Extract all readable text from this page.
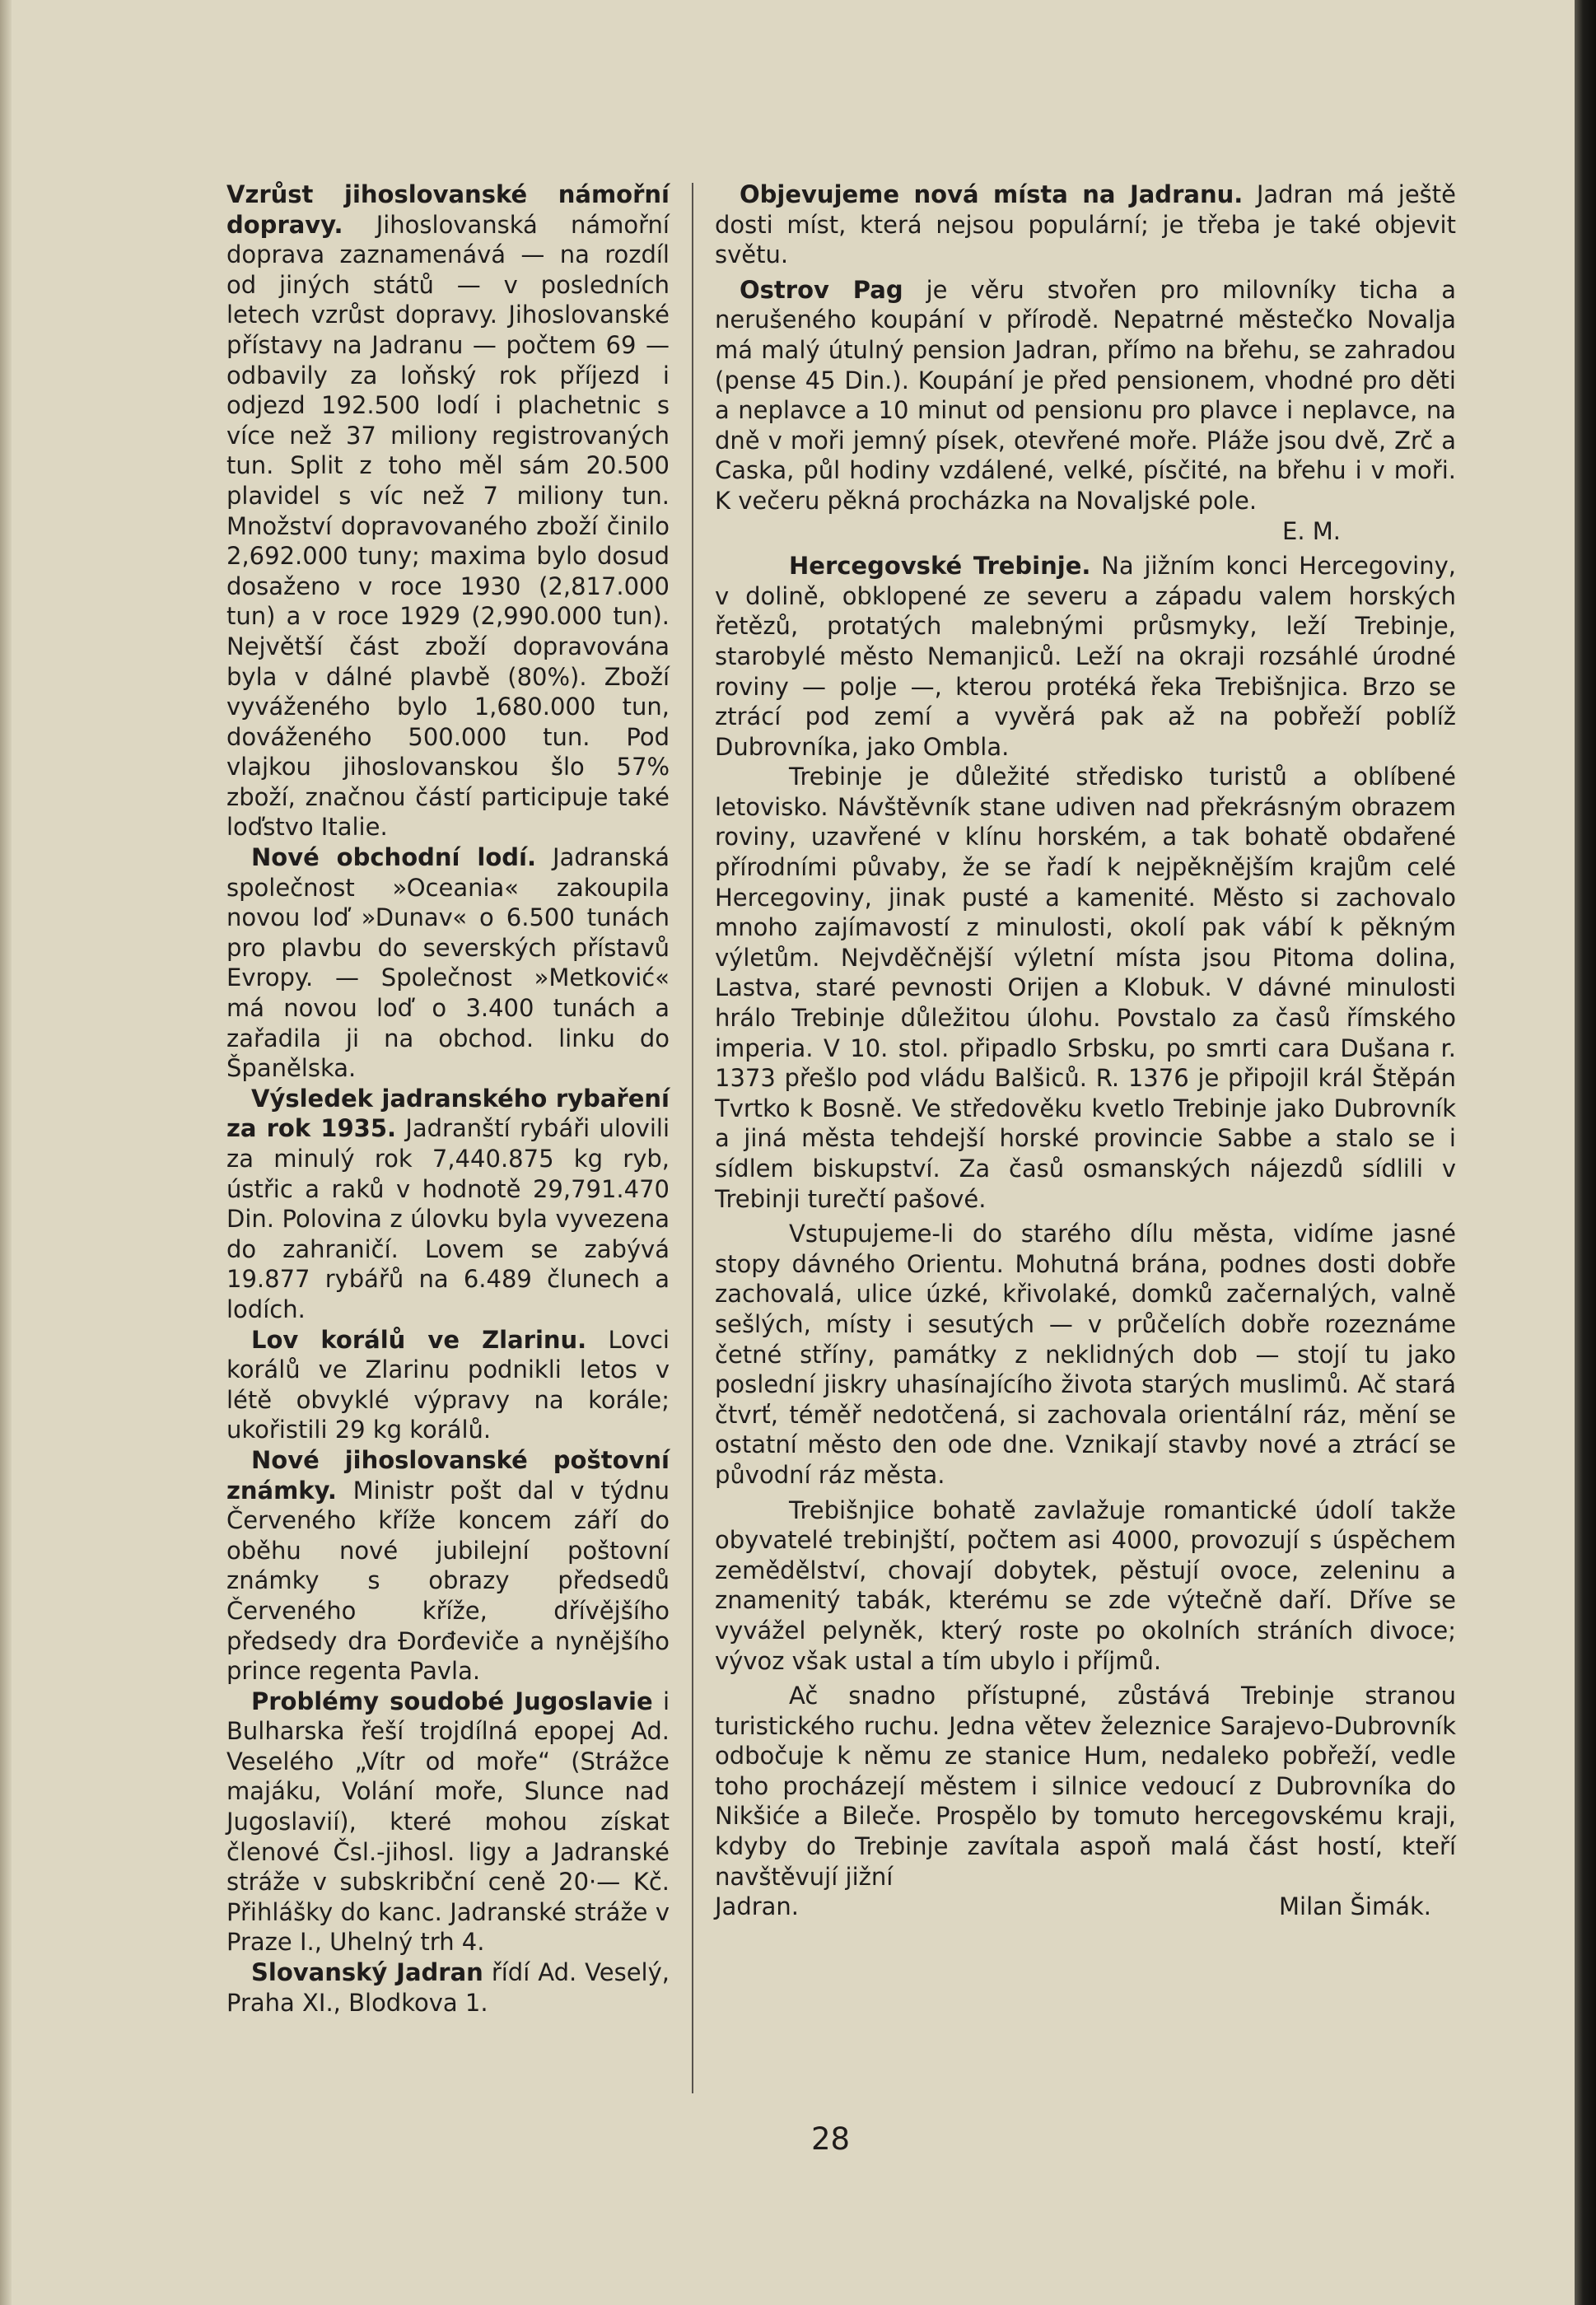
Vzrůst jihoslovanské námořní dopravy. Jihoslovanská námořní doprava zaznamenává — na rozdíl od jiných států — v posledních letech vzrůst dopravy. Jihoslovanské přístavy na Jadranu — počtem 69 — odbavily za loňský rok příjezd i odjezd 192.500 lodí i plachetnic s více než 37 miliony registrovaných tun. Split z toho měl sám 20.500 plavidel s víc než 7 miliony tun. Množství dopravovaného zboží činilo 2,692.000 tuny; maxima bylo dosud dosaženo v roce 1930 (2,817.000 tun) a v roce 1929 (2,990.000 tun). Největší část zboží dopravována byla v dálné plavbě (80%). Zboží vyváženého bylo 1,680.000 tun, dováženého 500.000 tun. Pod vlajkou jihoslovanskou šlo 57% zboží, značnou částí participuje také loďstvo Italie.

Nové obchodní lodí. Jadranská společnost »Oceania« zakoupila novou loď »Dunav« o 6.500 tunách pro plavbu do severských přístavů Evropy. — Společnost »Metković« má novou loď o 3.400 tunách a zařadila ji na obchod. linku do Španělska.

Výsledek jadranského rybaření za rok 1935. Jadranští rybáři ulovili za minulý rok 7,440.875 kg ryb, ústřic a raků v hodnotě 29,791.470 Din. Polovina z úlovku byla vyvezena do zahraničí. Lovem se zabývá 19.877 rybářů na 6.489 člunech a lodích.

Lov korálů ve Zlarinu. Lovci korálů ve Zlarinu podnikli letos v létě obvyklé výpravy na korále; ukořistili 29 kg korálů.

Nové jihoslovanské poštovní známky. Ministr pošt dal v týdnu Červeného kříže koncem září do oběhu nové jubilejní poštovní známky s obrazy předsedů Červeného kříže, dřívějšího předsedy dra Đorđeviče a nynějšího prince regenta Pavla.

Problémy soudobé Jugoslavie i Bulharska řeší trojdílná epopej Ad. Veselého „Vítr od moře“ (Strážce majáku, Volání moře, Slunce nad Jugoslavií), které mohou získat členové Čsl.-jihosl. ligy a Jadranské stráže v subskribční ceně 20·— Kč. Přihlášky do kanc. Jadranské stráže v Praze I., Uhelný trh 4.

Slovanský Jadran řídí Ad. Veselý, Praha XI., Blodkova 1.

Objevujeme nová místa na Jadranu. Jadran má ještě dosti míst, která nejsou populární; je třeba je také objevit světu.

Ostrov Pag je věru stvořen pro milovníky ticha a nerušeného koupání v přírodě. Nepatrné městečko Novalja má malý útulný pension Jadran, přímo na břehu, se zahradou (pense 45 Din.). Koupání je před pensionem, vhodné pro děti a neplavce a 10 minut od pensionu pro plavce i neplavce, na dně v moři jemný písek, otevřené moře. Pláže jsou dvě, Zrč a Caska, půl hodiny vzdálené, velké, písčité, na břehu i v moři. K večeru pěkná procházka na Novaljské pole.

E. M.

Hercegovské Trebinje. Na jižním konci Hercegoviny, v dolině, obklopené ze severu a západu valem horských řetězů, protatých malebnými průsmyky, leží Trebinje, starobylé město Nemanjiců. Leží na okraji rozsáhlé úrodné roviny — polje —, kterou protéká řeka Trebišnjica. Brzo se ztrácí pod zemí a vyvěrá pak až na pobřeží poblíž Dubrovníka, jako Ombla.

Trebinje je důležité středisko turistů a oblíbené letovisko. Návštěvník stane udiven nad překrásným obrazem roviny, uzavřené v klínu horském, a tak bohatě obdařené přírodními půvaby, že se řadí k nejpěknějším krajům celé Hercegoviny, jinak pusté a kamenité. Město si zachovalo mnoho zajímavostí z minulosti, okolí pak vábí k pěkným výletům. Nejvděčnější výletní místa jsou Pitoma dolina, Lastva, staré pevnosti Orijen a Klobuk. V dávné minulosti hrálo Trebinje důležitou úlohu. Povstalo za časů římského imperia. V 10. stol. připadlo Srbsku, po smrti cara Dušana r. 1373 přešlo pod vládu Balšiců. R. 1376 je připojil král Štěpán Tvrtko k Bosně. Ve středověku kvetlo Trebinje jako Dubrovník a jiná města tehdejší horské provincie Sabbe a stalo se i sídlem biskupství. Za časů osmanských nájezdů sídlili v Trebinji turečtí pašové.

Vstupujeme-li do starého dílu města, vidíme jasné stopy dávného Orientu. Mohutná brána, podnes dosti dobře zachovalá, ulice úzké, křivolaké, domků začernalých, valně sešlých, místy i sesutých — v průčelích dobře rozeznáme četné stříny, památky z neklidných dob — stojí tu jako poslední jiskry uhasínajícího života starých muslimů. Ač stará čtvrť, téměř nedotčená, si zachovala orientální ráz, mění se ostatní město den ode dne. Vznikají stavby nové a ztrácí se původní ráz města.

Trebišnjice bohatě zavlažuje romantické údolí takže obyvatelé trebinjští, počtem asi 4000, provozují s úspěchem zemědělství, chovají dobytek, pěstují ovoce, zeleninu a znamenitý tabák, kterému se zde výtečně daří. Dříve se vyvážel pelyněk, který roste po okolních stráních divoce; vývoz však ustal a tím ubylo i příjmů.

Ač snadno přístupné, zůstává Trebinje stranou turistického ruchu. Jedna větev železnice Sarajevo-Dubrovník odbočuje k němu ze stanice Hum, nedaleko pobřeží, vedle toho procházejí městem i silnice vedoucí z Dubrovníka do Nikšiće a Bileče. Prospělo by tomuto hercegovskému kraji, kdyby do Trebinje zavítala aspoň malá část hostí, kteří navštěvují jižní

Jadran.	Milan Šimák.
28
